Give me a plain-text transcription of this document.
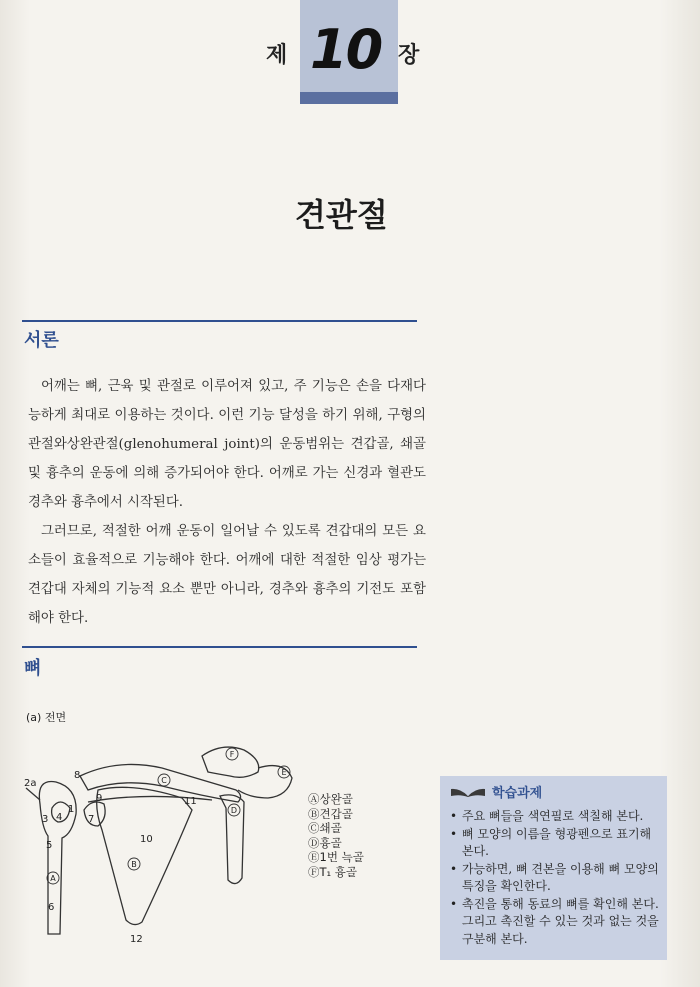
제 10 장
견관절
서론

어깨는 뼈, 근육 및 관절로 이루어져 있고, 주 기능은 손을 다재다능하게 최대로 이용하는 것이다. 이런 기능 달성을 하기 위해, 구형의 관절와상완관절(glenohumeral joint)의 운동범위는 견갑골, 쇄골 및 흉추의 운동에 의해 증가되어야 한다. 어깨로 가는 신경과 혈관도 경추와 흉추에서 시작된다.

그러므로, 적절한 어깨 운동이 일어날 수 있도록 견갑대의 모든 요소들이 효율적으로 기능해야 한다. 어깨에 대한 적절한 임상 평가는 견갑대 자체의 기능적 요소 뿐만 아니라, 경추와 흉추의 기전도 포함해야 한다.

뼈
(a) 전면
2a
8
9
3 4
1
7
5
6
10
11
12
A
B
C
D
E
F
Ⓐ상완골
Ⓑ견갑골
Ⓒ쇄골
Ⓓ흉골
Ⓔ1번 늑골
ⒻT₁ 흉골
학습과제
• 주요 뼈들을 색연필로 색칠해 본다.
• 뼈 모양의 이름을 형광펜으로 표기해 본다.
• 가능하면, 뼈 견본을 이용해 뼈 모양의 특징을 확인한다.
• 촉진을 통해 동료의 뼈를 확인해 본다. 그리고 촉진할 수 있는 것과 없는 것을 구분해 본다.
